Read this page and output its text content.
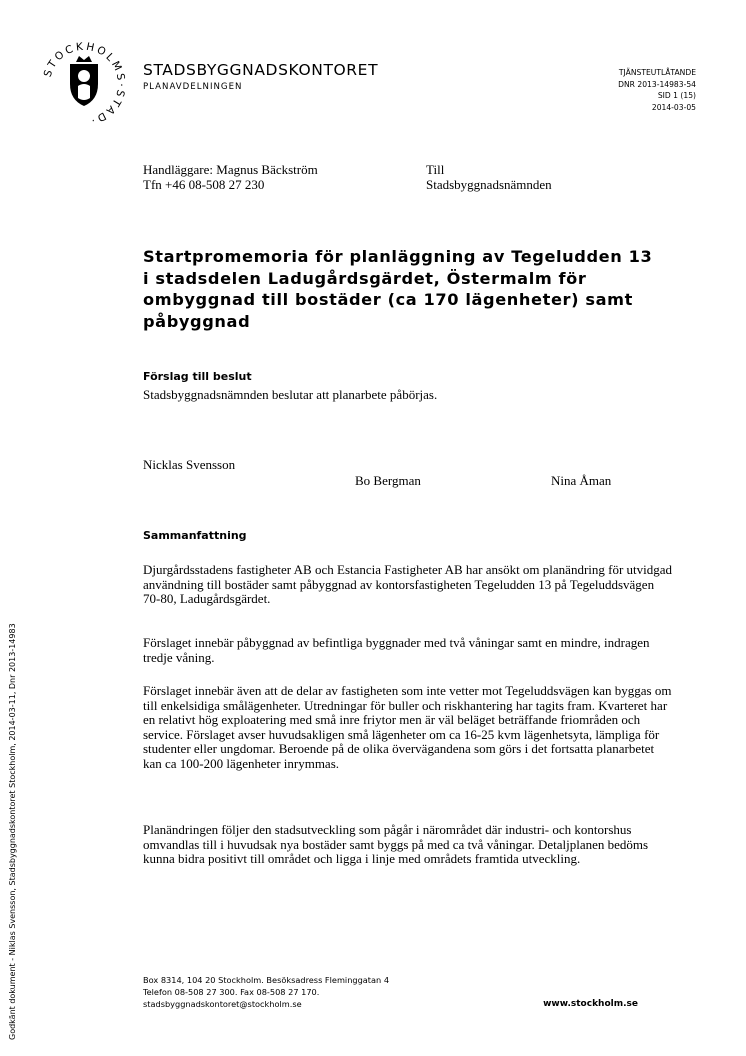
STOCKHOLMS·STAD·
STADSBYGGNADSKONTORET
PLANAVDELNINGEN
TJÄNSTEUTLÅTANDE
DNR 2013-14983-54
SID 1 (15)
2014-03-05
Handläggare: Magnus Bäckström
Tfn +46 08-508 27 230
Till
Stadsbyggnadsnämnden
Startpromemoria för planläggning av Tegeludden 13 i stadsdelen Ladugårdsgärdet, Östermalm för ombyggnad till bostäder (ca 170 lägenheter) samt påbyggnad
Förslag till beslut
Stadsbyggnadsnämnden beslutar att planarbete påbörjas.
Nicklas Svensson
Bo Bergman	Nina Åman
Sammanfattning
Djurgårdsstadens fastigheter AB och Estancia Fastigheter AB har ansökt om planändring för utvidgad användning till bostäder samt påbyggnad av kontorsfastigheten Tegeludden 13 på Tegeluddsvägen 70-80, Ladugårdsgärdet.
Förslaget innebär påbyggnad av befintliga byggnader med två våningar samt en mindre, indragen tredje våning.
Förslaget innebär även att de delar av fastigheten som inte vetter mot Tegeluddsvägen kan byggas om till enkelsidiga smålägenheter. Utredningar för buller och riskhantering har tagits fram. Kvarteret har en relativt hög exploatering med små inre friytor men är väl beläget beträffande friområden och service. Förslaget avser huvudsakligen små lägenheter om ca 16-25 kvm lägenhetsyta, lämpliga för studenter eller ungdomar. Beroende på de olika övervägandena som görs i det fortsatta planarbetet kan ca 100-200 lägenheter inrymmas.
Planändringen följer den stadsutveckling som pågår i närområdet där industri- och kontorshus omvandlas till i huvudsak nya bostäder samt byggs på med ca två våningar. Detaljplanen bedöms kunna bidra positivt till området och ligga i linje med områdets framtida utveckling.
Box 8314, 104 20 Stockholm. Besöksadress Fleminggatan 4
Telefon 08-508 27 300. Fax 08-508 27 170.
stadsbyggnadskontoret@stockholm.se	www.stockholm.se
Godkänt dokument - Niklas Svensson, Stadsbyggnadskontoret Stockholm, 2014-03-11, Dnr 2013-14983
